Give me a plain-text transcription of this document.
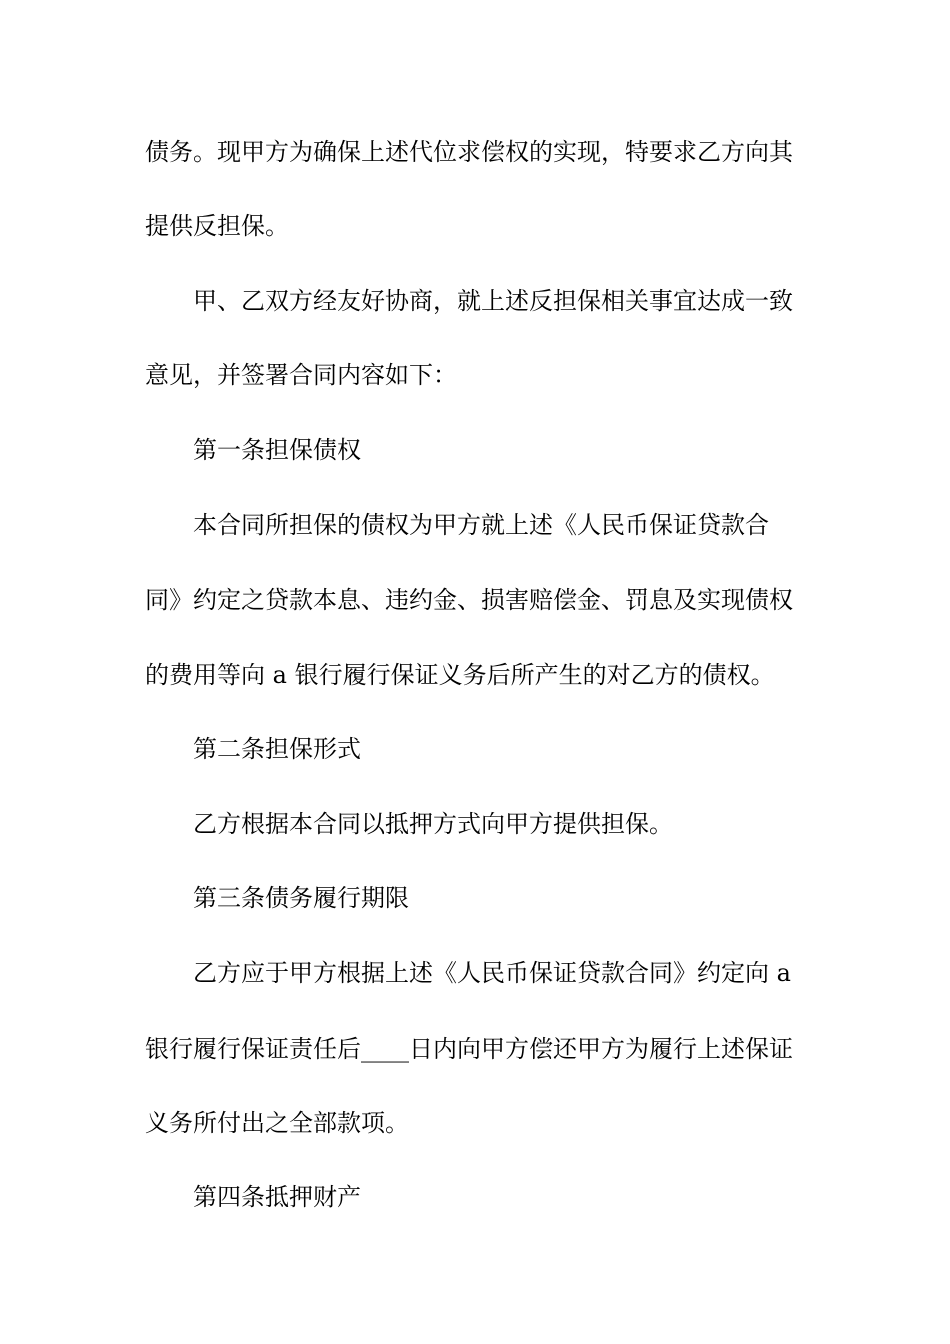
债务。现甲方为确保上述代位求偿权的实现，特要求乙方向其
提供反担保。
甲、乙双方经友好协商，就上述反担保相关事宜达成一致
意见，并签署合同内容如下：
第一条担保债权
本合同所担保的债权为甲方就上述《人民币保证贷款合
同》约定之贷款本息、违约金、损害赔偿金、罚息及实现债权
的费用等向 a 银行履行保证义务后所产生的对乙方的债权。
第二条担保形式
乙方根据本合同以抵押方式向甲方提供担保。
第三条债务履行期限
乙方应于甲方根据上述《人民币保证贷款合同》约定向 a
银行履行保证责任后____日内向甲方偿还甲方为履行上述保证
义务所付出之全部款项。
第四条抵押财产
